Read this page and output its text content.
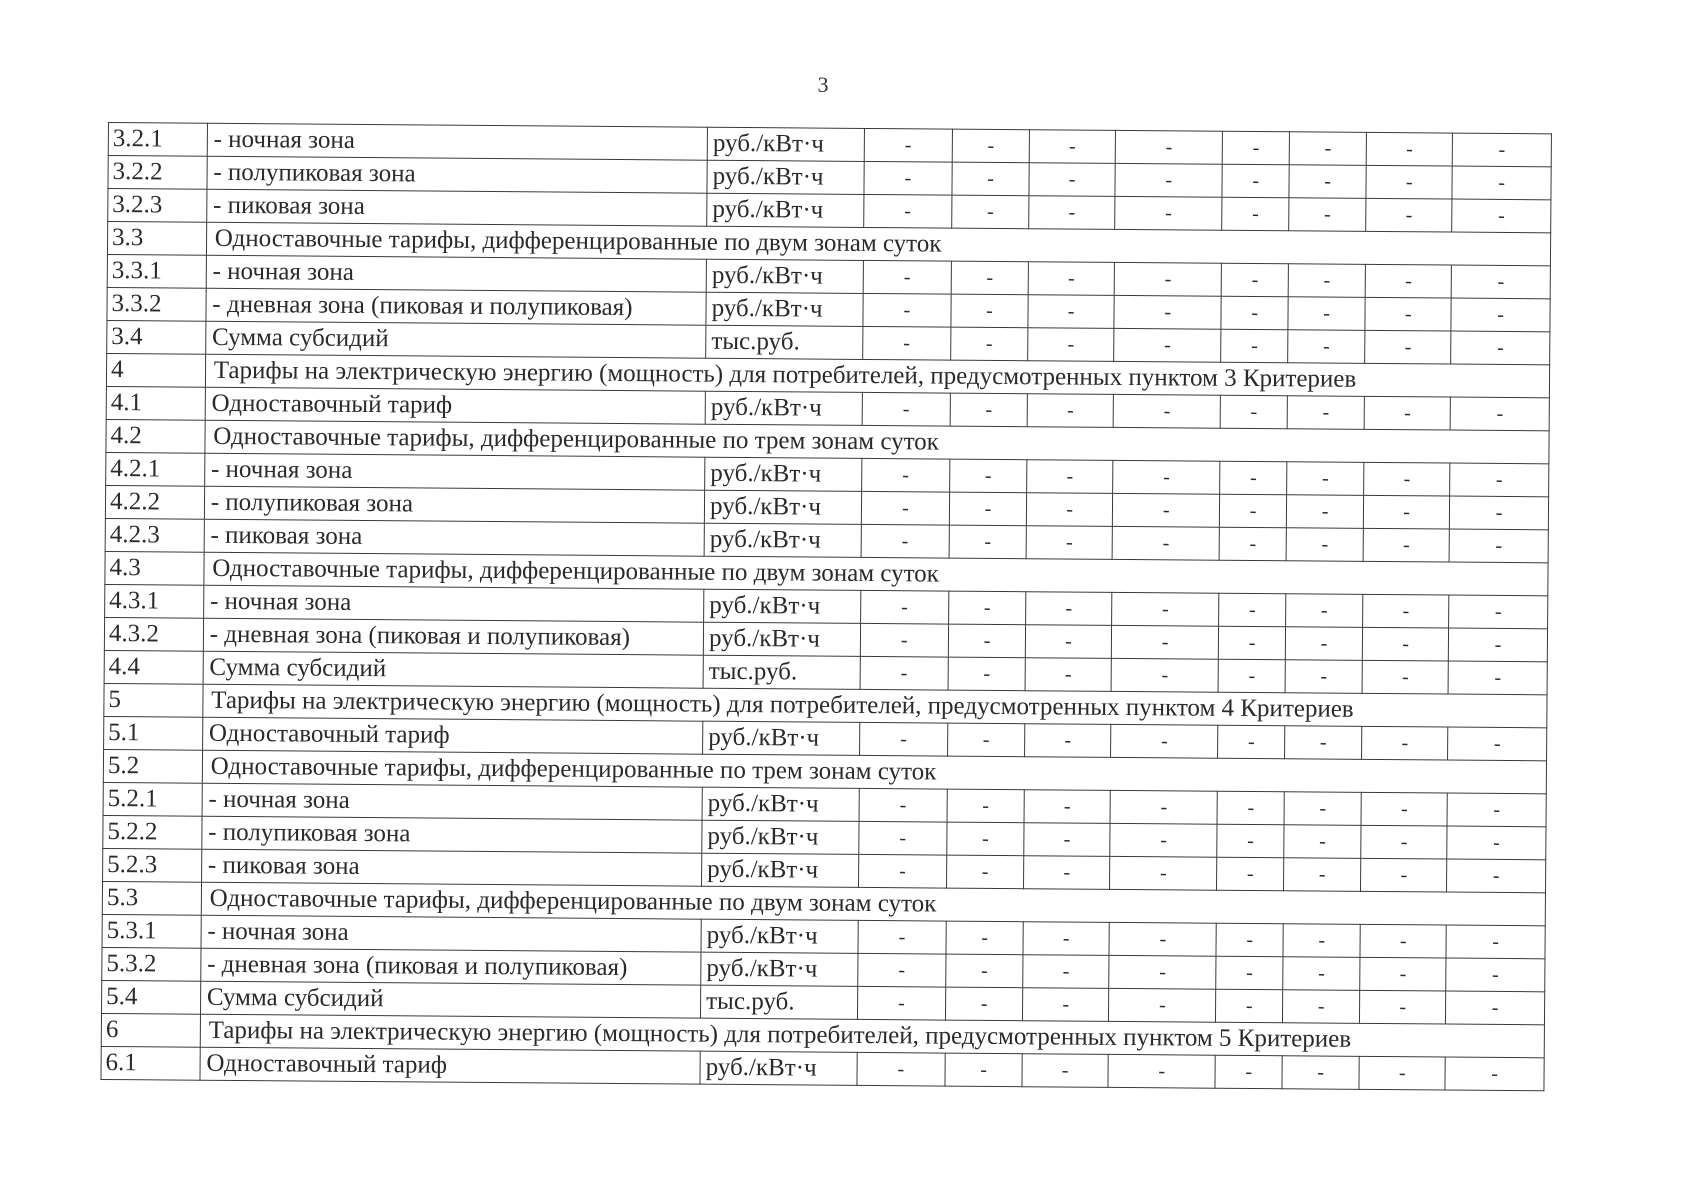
3
3.2.1	- ночная зона	руб./кВт·ч	-	-	-	-	-	-	-	-
3.2.2	- полупиковая зона	руб./кВт·ч	-	-	-	-	-	-	-	-
3.2.3	- пиковая зона	руб./кВт·ч	-	-	-	-	-	-	-	-
3.3	Одноставочные тарифы, дифференцированные по двум зонам суток									
3.3.1	- ночная зона	руб./кВт·ч	-	-	-	-	-	-	-	-
3.3.2	- дневная зона (пиковая и полупиковая)	руб./кВт·ч	-	-	-	-	-	-	-	-
3.4	Сумма субсидий	тыс.руб.	-	-	-	-	-	-	-	-
4	Тарифы на электрическую энергию (мощность) для потребителей, предусмотренных пунктом 3 Критериев									
4.1	Одноставочный тариф	руб./кВт·ч	-	-	-	-	-	-	-	-
4.2	Одноставочные тарифы, дифференцированные по трем зонам суток									
4.2.1	- ночная зона	руб./кВт·ч	-	-	-	-	-	-	-	-
4.2.2	- полупиковая зона	руб./кВт·ч	-	-	-	-	-	-	-	-
4.2.3	- пиковая зона	руб./кВт·ч	-	-	-	-	-	-	-	-
4.3	Одноставочные тарифы, дифференцированные по двум зонам суток									
4.3.1	- ночная зона	руб./кВт·ч	-	-	-	-	-	-	-	-
4.3.2	- дневная зона (пиковая и полупиковая)	руб./кВт·ч	-	-	-	-	-	-	-	-
4.4	Сумма субсидий	тыс.руб.	-	-	-	-	-	-	-	-
5	Тарифы на электрическую энергию (мощность) для потребителей, предусмотренных пунктом 4 Критериев									
5.1	Одноставочный тариф	руб./кВт·ч	-	-	-	-	-	-	-	-
5.2	Одноставочные тарифы, дифференцированные по трем зонам суток									
5.2.1	- ночная зона	руб./кВт·ч	-	-	-	-	-	-	-	-
5.2.2	- полупиковая зона	руб./кВт·ч	-	-	-	-	-	-	-	-
5.2.3	- пиковая зона	руб./кВт·ч	-	-	-	-	-	-	-	-
5.3	Одноставочные тарифы, дифференцированные по двум зонам суток									
5.3.1	- ночная зона	руб./кВт·ч	-	-	-	-	-	-	-	-
5.3.2	- дневная зона (пиковая и полупиковая)	руб./кВт·ч	-	-	-	-	-	-	-	-
5.4	Сумма субсидий	тыс.руб.	-	-	-	-	-	-	-	-
6	Тарифы на электрическую энергию (мощность) для потребителей, предусмотренных пунктом 5 Критериев									
6.1	Одноставочный тариф	руб./кВт·ч	-	-	-	-	-	-	-	-
